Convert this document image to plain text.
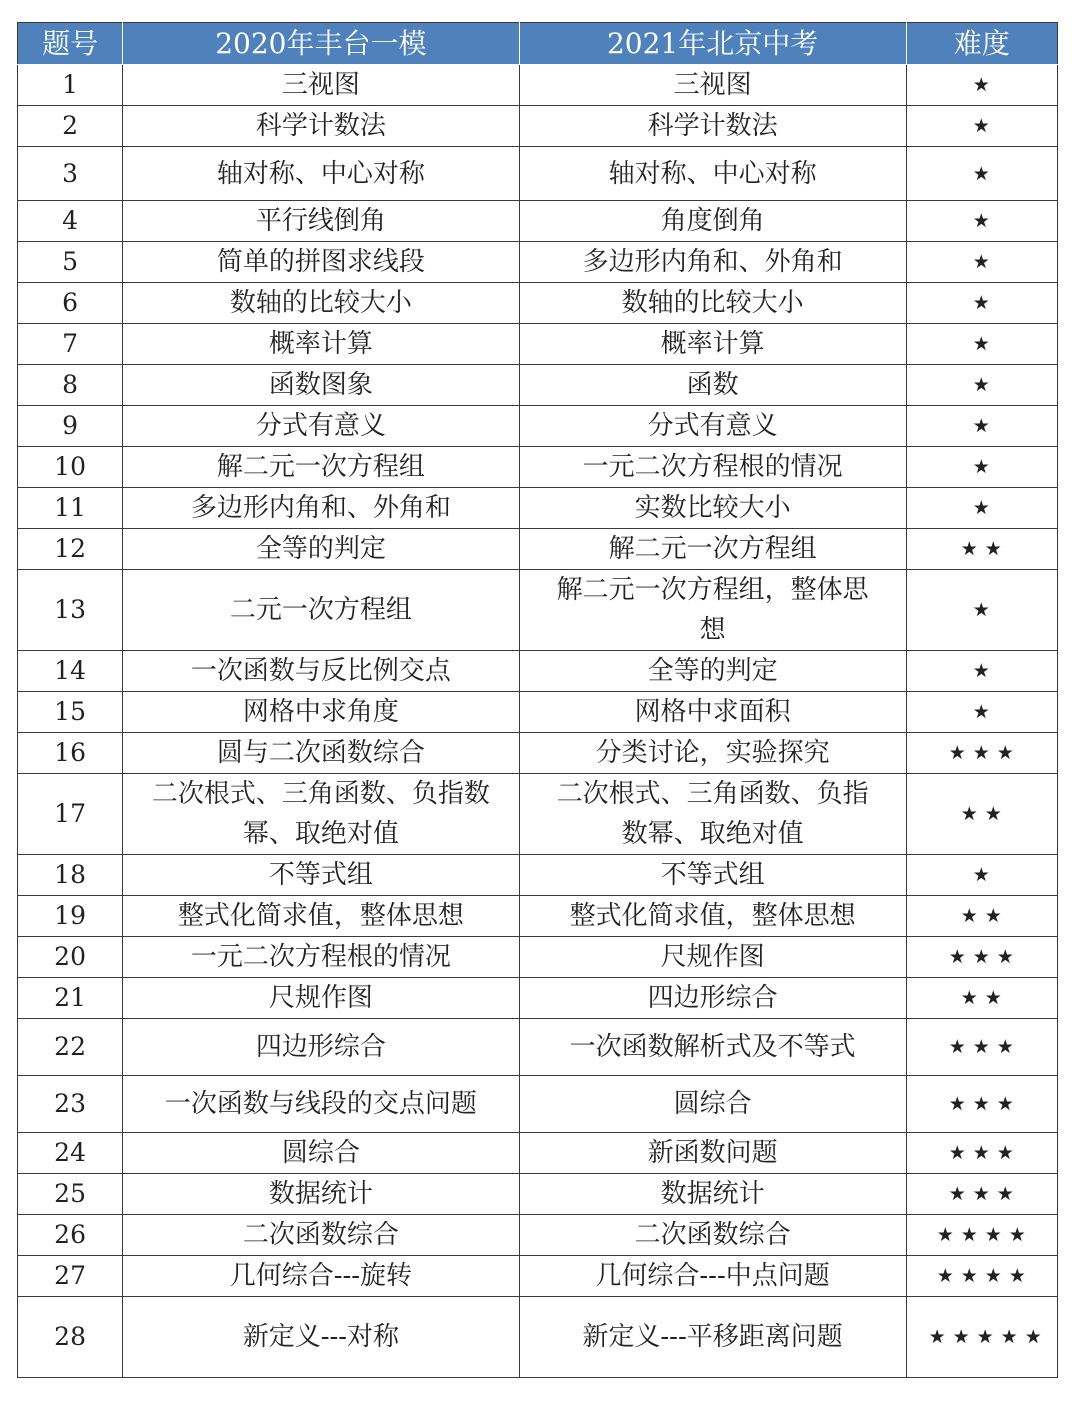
题号	2020年丰台一模	2021年北京中考	难度
1	三视图	三视图	★
2	科学计数法	科学计数法	★
3	轴对称、中心对称	轴对称、中心对称	★
4	平行线倒角	角度倒角	★
5	简单的拼图求线段	多边形内角和、外角和	★
6	数轴的比较大小	数轴的比较大小	★
7	概率计算	概率计算	★
8	函数图象	函数	★
9	分式有意义	分式有意义	★
10	解二元一次方程组	一元二次方程根的情况	★
11	多边形内角和、外角和	实数比较大小	★
12	全等的判定	解二元一次方程组	★★
13	二元一次方程组	解二元一次方程组，整体思想	★
14	一次函数与反比例交点	全等的判定	★
15	网格中求角度	网格中求面积	★
16	圆与二次函数综合	分类讨论，实验探究	★★★
17	二次根式、三角函数、负指数幂、取绝对值	二次根式、三角函数、负指数幂、取绝对值	★★
18	不等式组	不等式组	★
19	整式化简求值，整体思想	整式化简求值，整体思想	★★
20	一元二次方程根的情况	尺规作图	★★★
21	尺规作图	四边形综合	★★
22	四边形综合	一次函数解析式及不等式	★★★
23	一次函数与线段的交点问题	圆综合	★★★
24	圆综合	新函数问题	★★★
25	数据统计	数据统计	★★★
26	二次函数综合	二次函数综合	★★★★
27	几何综合---旋转	几何综合---中点问题	★★★★
28	新定义---对称	新定义---平移距离问题	★★★★★
